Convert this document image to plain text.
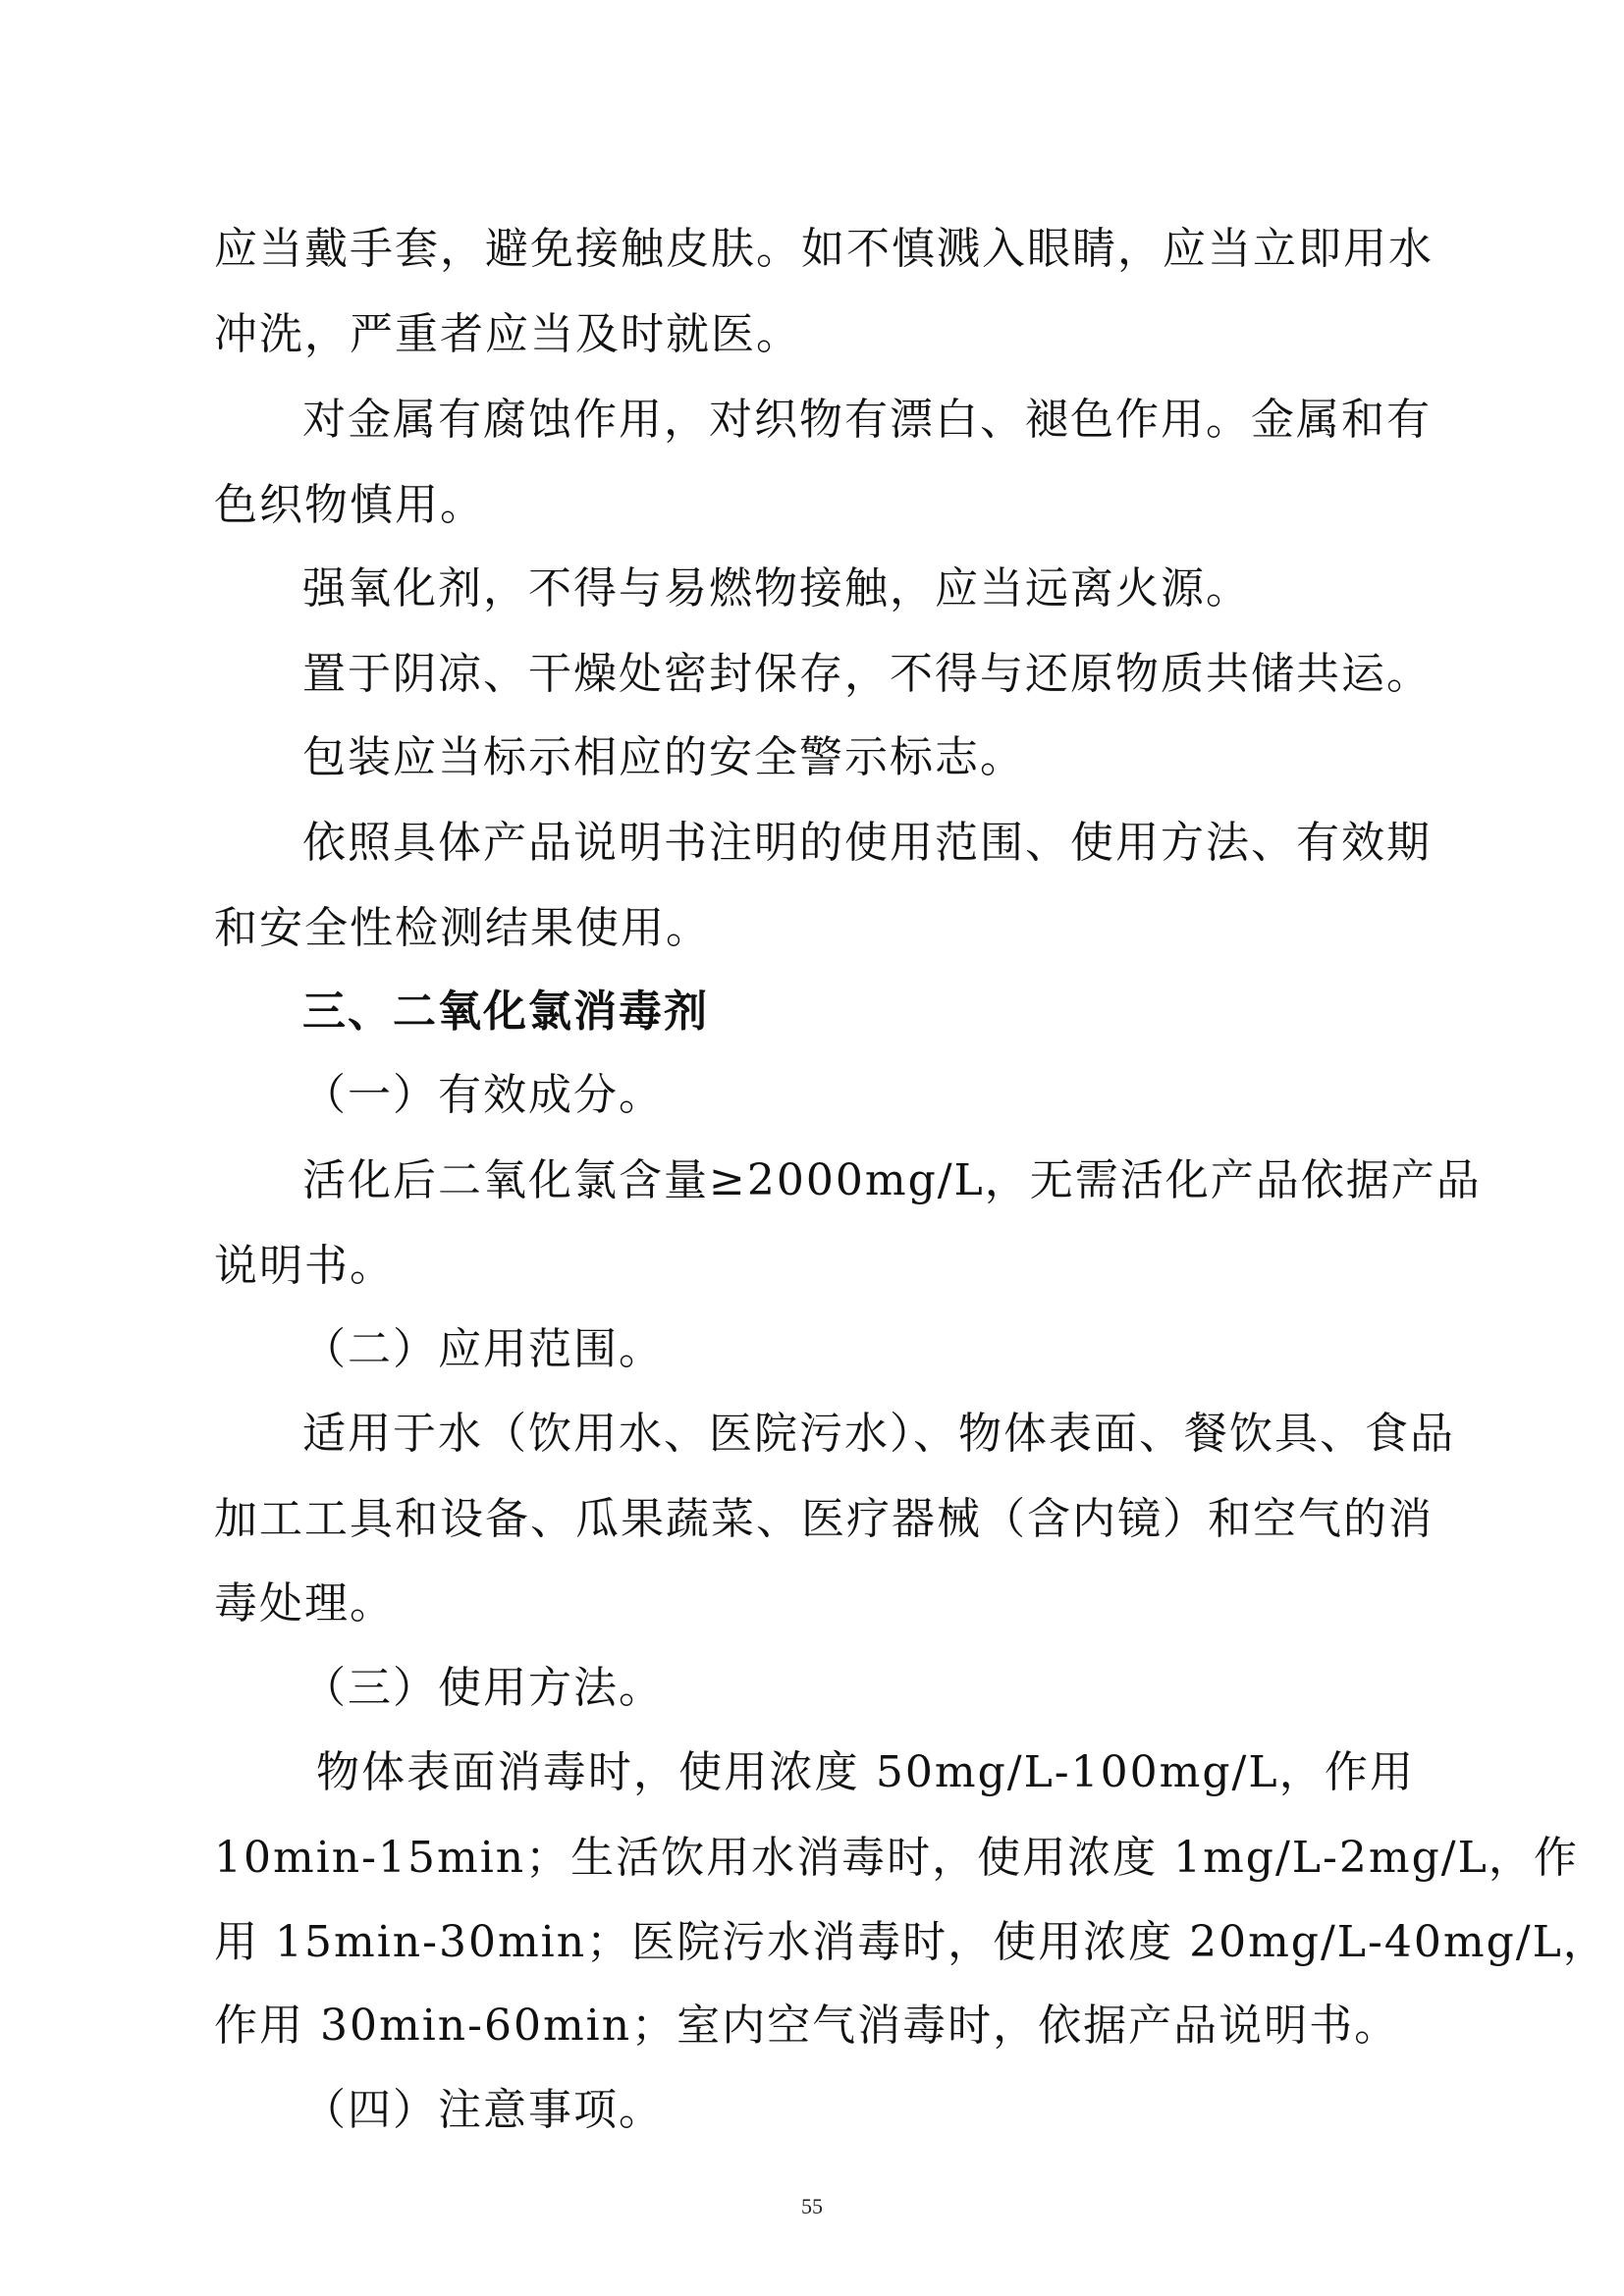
应当戴手套，避免接触皮肤。如不慎溅入眼睛，应当立即用水
冲洗，严重者应当及时就医。
对金属有腐蚀作用，对织物有漂白、褪色作用。金属和有
色织物慎用。
强氧化剂，不得与易燃物接触，应当远离火源。
置于阴凉、干燥处密封保存，不得与还原物质共储共运。
包装应当标示相应的安全警示标志。
依照具体产品说明书注明的使用范围、使用方法、有效期
和安全性检测结果使用。
三、二氧化氯消毒剂
（一）有效成分。
活化后二氧化氯含量≥2000mg/L，无需活化产品依据产品
说明书。
（二）应用范围。
适用于水（饮用水、医院污水）、物体表面、餐饮具、食品
加工工具和设备、瓜果蔬菜、医疗器械（含内镜）和空气的消
毒处理。
（三）使用方法。
物体表面消毒时，使用浓度 50mg/L-100mg/L，作用
10min-15min；生活饮用水消毒时，使用浓度 1mg/L-2mg/L，作
用 15min-30min；医院污水消毒时，使用浓度 20mg/L-40mg/L，
作用 30min-60min；室内空气消毒时，依据产品说明书。
（四）注意事项。
55
